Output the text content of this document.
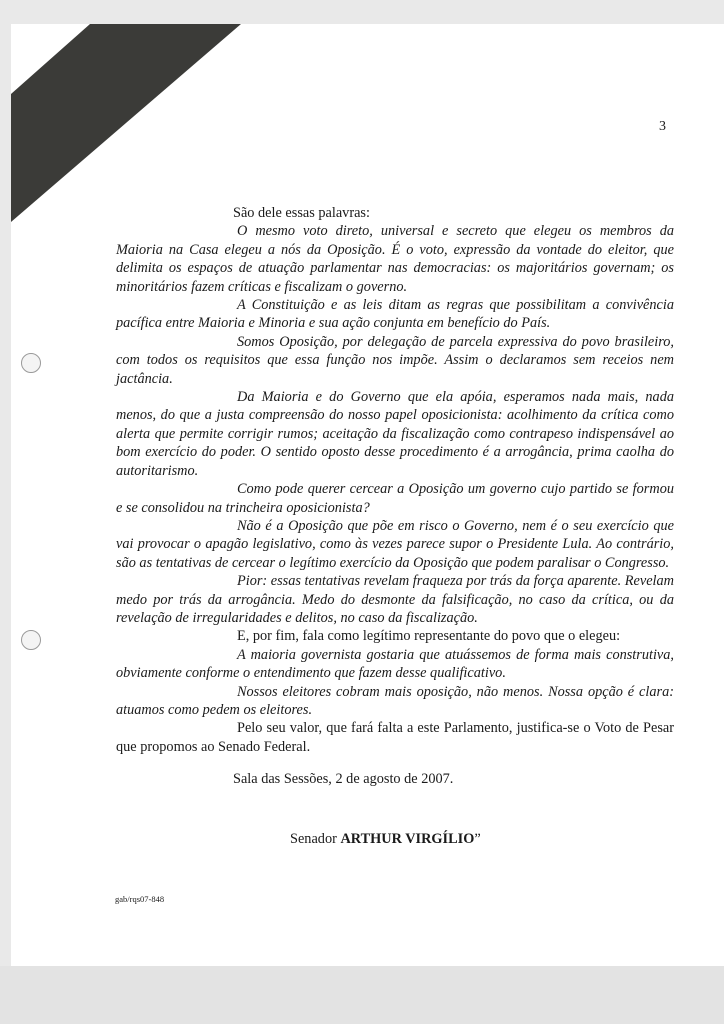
3

São dele essas palavras:

O mesmo voto direto, universal e secreto que elegeu os membros da Maioria na Casa elegeu a nós da Oposição. É o voto, expressão da vontade do eleitor, que delimita os espaços de atuação parlamentar nas democracias: os majoritários governam; os minoritários fazem críticas e fiscalizam o governo.

A Constituição e as leis ditam as regras que possibilitam a convivência pacífica entre Maioria e Minoria e sua ação conjunta em benefício do País.

Somos Oposição, por delegação de parcela expressiva do povo brasileiro, com todos os requisitos que essa função nos impõe. Assim o declaramos sem receios nem jactância.

Da Maioria e do Governo que ela apóia, esperamos nada mais, nada menos, do que a justa compreensão do nosso papel oposicionista: acolhimento da crítica como alerta que permite corrigir rumos; aceitação da fiscalização como contrapeso indispensável ao bom exercício do poder. O sentido oposto desse procedimento é a arrogância, prima caolha do autoritarismo.

Como pode querer cercear a Oposição um governo cujo partido se formou e se consolidou na trincheira oposicionista?

Não é a Oposição que põe em risco o Governo, nem é o seu exercício que vai provocar o apagão legislativo, como às vezes parece supor o Presidente Lula. Ao contrário, são as tentativas de cercear o legítimo exercício da Oposição que podem paralisar o Congresso.

Pior: essas tentativas revelam fraqueza por trás da força aparente. Revelam medo por trás da arrogância. Medo do desmonte da falsificação, no caso da crítica, ou da revelação de irregularidades e delitos, no caso da fiscalização.

E, por fim, fala como legítimo representante do povo que o elegeu:

A maioria governista gostaria que atuássemos de forma mais construtiva, obviamente conforme o entendimento que fazem desse qualificativo.

Nossos eleitores cobram mais oposição, não menos. Nossa opção é clara: atuamos como pedem os eleitores.

Pelo seu valor, que fará falta a este Parlamento, justifica-se o Voto de Pesar que propomos ao Senado Federal.

Sala das Sessões, 2 de agosto de 2007.
Senador ARTHUR VIRGÍLIO”
gab/rqs07-848
